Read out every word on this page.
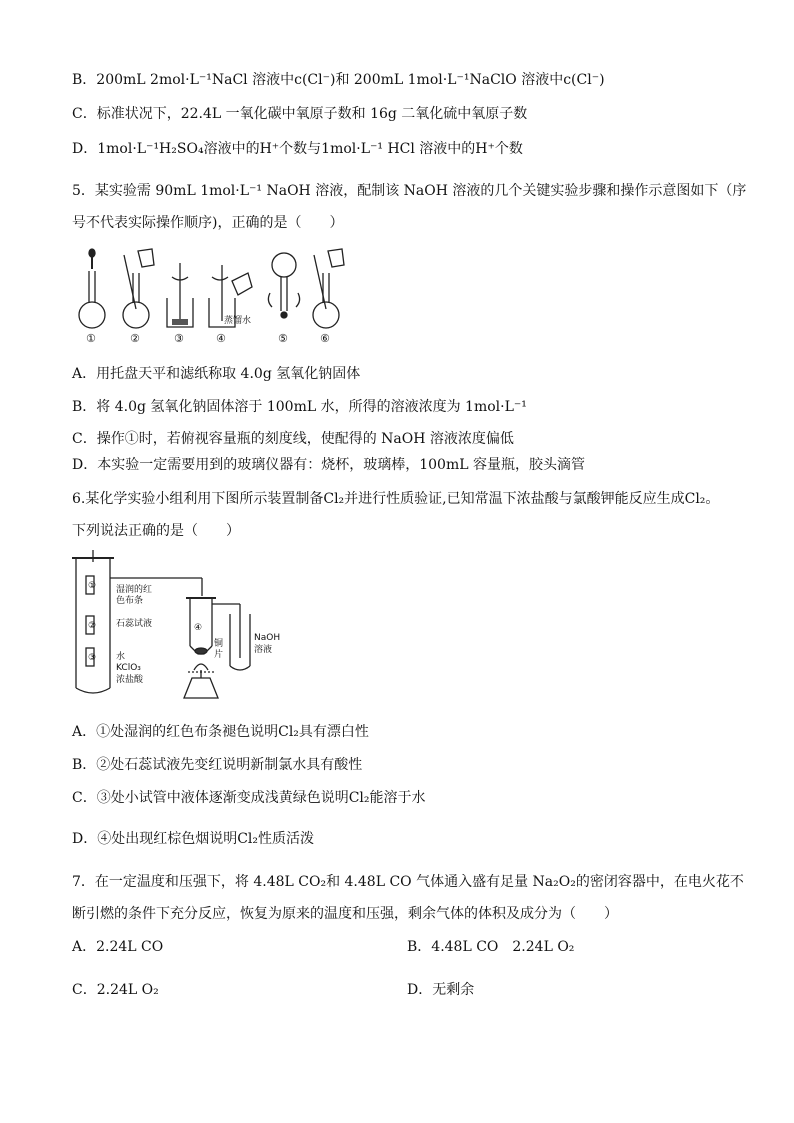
B．200mL 2mol·L⁻¹NaCl 溶液中c(Cl⁻)和 200mL 1mol·L⁻¹NaClO 溶液中c(Cl⁻)
C．标准状况下，22.4L 一氧化碳中氧原子数和 16g 二氧化硫中氧原子数
D．1mol·L⁻¹H₂SO₄溶液中的H⁺个数与1mol·L⁻¹ HCl 溶液中的H⁺个数
5．某实验需 90mL 1mol·L⁻¹ NaOH 溶液，配制该 NaOH 溶液的几个关键实验步骤和操作示意图如下（序
号不代表实际操作顺序)，正确的是（　　）
蒸馏水
①	②	③	④	⑤	⑥
A．用托盘天平和滤纸称取 4.0g 氢氧化钠固体
B．将 4.0g 氢氧化钠固体溶于 100mL 水，所得的溶液浓度为 1mol·L⁻¹
C．操作①时，若俯视容量瓶的刻度线，使配得的 NaOH 溶液浓度偏低
D．本实验一定需要用到的玻璃仪器有：烧杯，玻璃棒，100mL 容量瓶，胶头滴管
6.某化学实验小组利用下图所示装置制备Cl₂并进行性质验证,已知常温下浓盐酸与氯酸钾能反应生成Cl₂。
下列说法正确的是（　　）
① 湿润的红
色布条
② 石蕊试液
③ 水
KClO₃
浓盐酸
④
铜
片
NaOH
溶液
A．①处湿润的红色布条褪色说明Cl₂具有漂白性
B．②处石蕊试液先变红说明新制氯水具有酸性
C．③处小试管中液体逐渐变成浅黄绿色说明Cl₂能溶于水
D．④处出现红棕色烟说明Cl₂性质活泼
7．在一定温度和压强下，将 4.48L CO₂和 4.48L CO 气体通入盛有足量 Na₂O₂的密闭容器中，在电火花不
断引燃的条件下充分反应，恢复为原来的温度和压强，剩余气体的体积及成分为（　　）
A．2.24L CO	B．4.48L CO　2.24L O₂
C．2.24L O₂	D．无剩余
